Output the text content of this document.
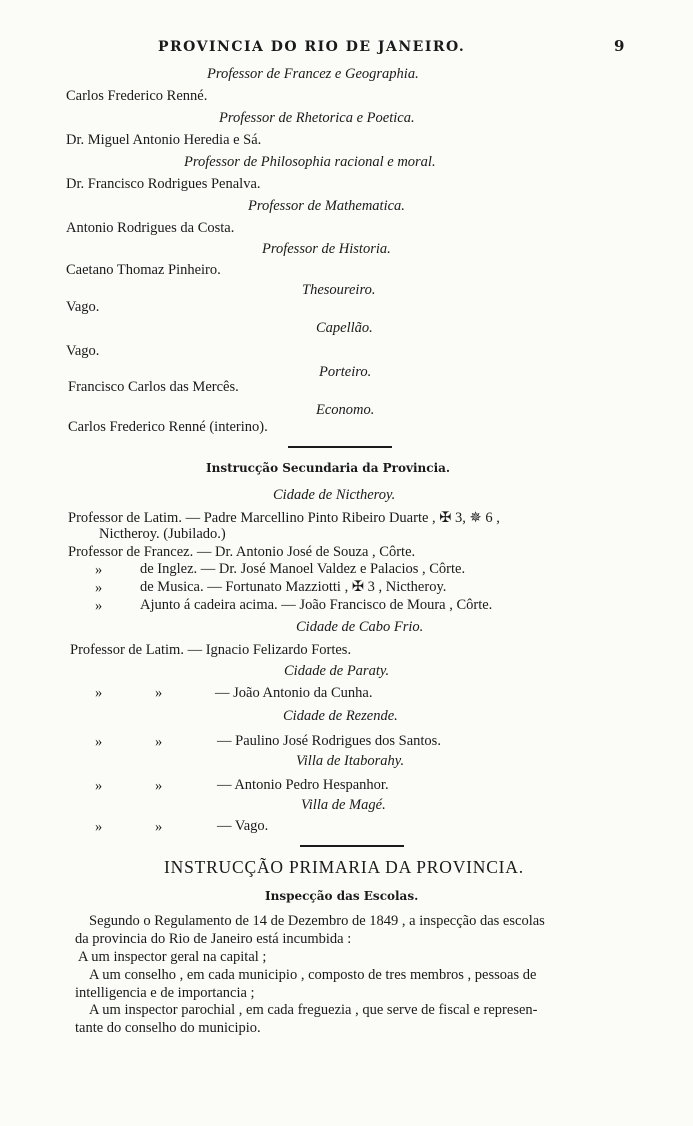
PROVINCIA DO RIO DE JANEIRO.	9
Professor de Francez e Geographia.
Carlos Frederico Renné.
Professor de Rhetorica e Poetica.
Dr. Miguel Antonio Heredia e Sá.
Professor de Philosophia racional e moral.
Dr. Francisco Rodrigues Penalva.
Professor de Mathematica.
Antonio Rodrigues da Costa.
Professor de Historia.
Caetano Thomaz Pinheiro.
Thesoureiro.
Vago.
Capellão.
Vago.
Porteiro.
Francisco Carlos das Mercês.
Economo.
Carlos Frederico Renné (interino).
Instrucção Secundaria da Provincia.
Cidade de Nictheroy.
Professor de Latim. — Padre Marcellino Pinto Ribeiro Duarte , ✠ 3, ✵ 6 ,
Nictheroy. (Jubilado.)
Professor de Francez. — Dr. Antonio José de Souza , Côrte.
»	de Inglez. — Dr. José Manoel Valdez e Palacios , Côrte.
»	de Musica. — Fortunato Mazziotti , ✠ 3 , Nictheroy.
»	Ajunto á cadeira acima. — João Francisco de Moura , Côrte.
Cidade de Cabo Frio.
Professor de Latim. — Ignacio Felizardo Fortes.
Cidade de Paraty.
»	»	— João Antonio da Cunha.
Cidade de Rezende.
»	»	— Paulino José Rodrigues dos Santos.
Villa de Itaborahy.
»	»	— Antonio Pedro Hespanhor.
Villa de Magé.
»	»	— Vago.
INSTRUCÇÃO PRIMARIA DA PROVINCIA.
Inspecção das Escolas.
Segundo o Regulamento de 14 de Dezembro de 1849 , a inspecção das escolas
da provincia do Rio de Janeiro está incumbida :
A um inspector geral na capital ;
A um conselho , em cada municipio , composto de tres membros , pessoas de
intelligencia e de importancia ;
A um inspector parochial , em cada freguezia , que serve de fiscal e represen-
tante do conselho do municipio.
